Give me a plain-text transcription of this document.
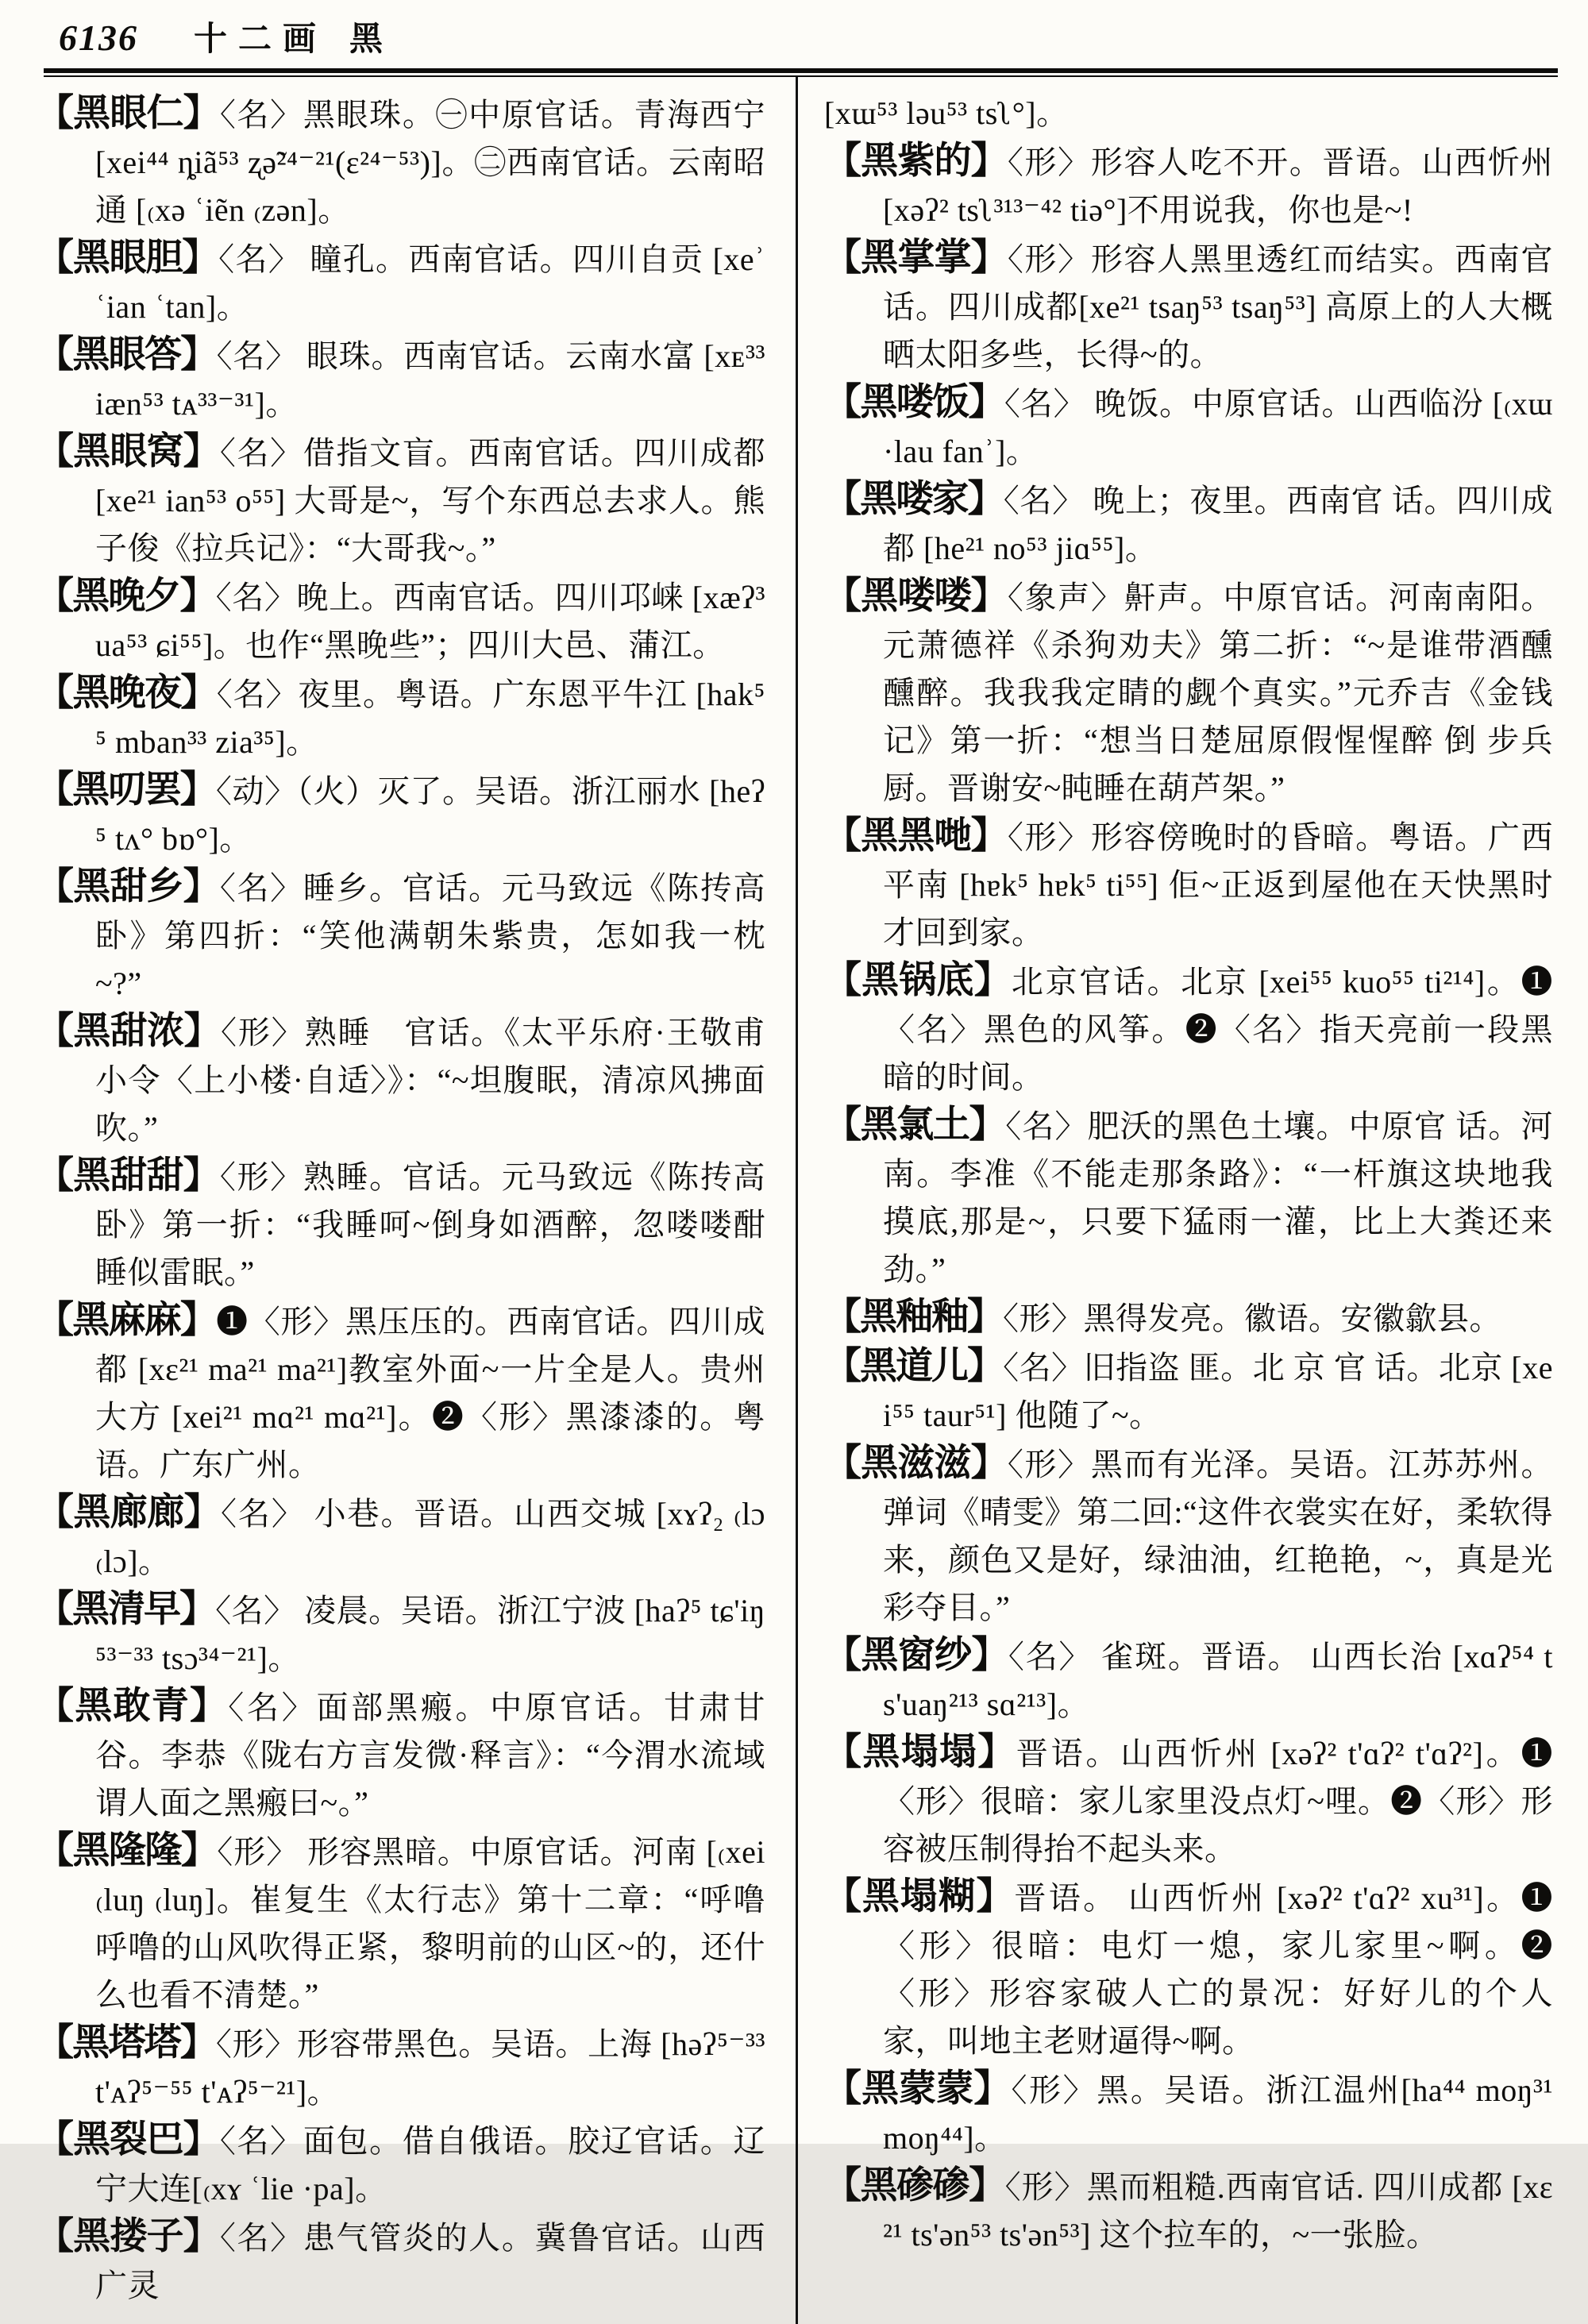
6136 十二画 黑

【黑眼仁】〈名〉黑眼珠。㊀中原官话。青海西宁[xei⁴⁴ ȵiã⁵³ ʐə̃²⁴⁻²¹(ɛ²⁴⁻⁵³)]。㊁西南官话。云南昭通 [₍xə ʿiẽn ₍zən]。

【黑眼胆】〈名〉 瞳孔。西南官话。四川自贡 [xeʾ ʿian ʿtan]。

【黑眼答】〈名〉 眼珠。西南官话。云南水富 [xᴇ³³ iæn⁵³ tᴀ³³⁻³¹]。

【黑眼窝】〈名〉借指文盲。西南官话。四川成都 [xe²¹ ian⁵³ o⁵⁵] 大哥是~，写个东西总去求人。熊子俊《拉兵记》：“大哥我~。”

【黑晚夕】〈名〉晚上。西南官话。四川邛崃 [xæʔ³ ua⁵³ ɕi⁵⁵]。也作“黑晚些”；四川大邑、蒲江。

【黑晚夜】〈名〉夜里。粤语。广东恩平牛江 [hak⁵⁵ mban³³ zia³⁵]。

【黑叨罢】〈动〉（火）灭了。吴语。浙江丽水 [heʔ⁵ tʌ° bɒ°]。

【黑甜乡】〈名〉睡乡。官话。元马致远《陈抟高卧》第四折：“笑他满朝朱紫贵，怎如我一枕~?”

【黑甜浓】〈形〉熟睡　官话。《太平乐府·王敬甫小令〈上小楼·自适〉》：“~坦腹眠，清凉风拂面吹。”

【黑甜甜】〈形〉熟睡。官话。元马致远《陈抟高卧》第一折：“我睡呵~倒身如酒醉，忽喽喽酣睡似雷眠。”

【黑麻麻】❶〈形〉黑压压的。西南官话。四川成都 [xɛ²¹ ma²¹ ma²¹]教室外面~一片全是人。贵州大方 [xei²¹ mɑ²¹ mɑ²¹]。❷〈形〉黑漆漆的。粤语。广东广州。

【黑廊廊】〈名〉 小巷。晋语。山西交城 [xɤʔ₂ ₍lɔ ₍lɔ]。

【黑清早】〈名〉 凌晨。吴语。浙江宁波 [haʔ⁵ tɕ'iŋ⁵³⁻³³ tsɔ³⁴⁻²¹]。

【黑敢青】〈名〉面部黑瘢。中原官话。甘肃甘谷。李恭《陇右方言发微·释言》：“今渭水流域谓人面之黑瘢曰~。”

【黑隆隆】〈形〉 形容黑暗。中原官话。河南 [₍xei ₍luŋ ₍luŋ]。崔复生《太行志》第十二章：“呼噜呼噜的山风吹得正紧，黎明前的山区~的，还什么也看不清楚。”

【黑塔塔】〈形〉形容带黑色。吴语。上海 [həʔ⁵⁻³³ t'ᴀʔ⁵⁻⁵⁵ t'ᴀʔ⁵⁻²¹]。

【黑裂巴】〈名〉面包。借自俄语。胶辽官话。辽宁大连[₍xɤ ʿlie ·pa]。

【黑搂子】〈名〉患气管炎的人。冀鲁官话。山西广灵

[xɯ⁵³ ləu⁵³ tsʅ°]。

【黑紫的】〈形〉形容人吃不开。晋语。山西忻州[xəʔ² tsʅ³¹³⁻⁴² tiə°]不用说我，你也是~!

【黑掌掌】〈形〉形容人黑里透红而结实。西南官话。四川成都[xe²¹ tsaŋ⁵³ tsaŋ⁵³] 高原上的人大概晒太阳多些，长得~的。

【黑喽饭】〈名〉 晚饭。中原官话。山西临汾 [₍xɯ ·lau fanʾ]。

【黑喽家】〈名〉 晚上；夜里。西南官 话。四川成都 [he²¹ no⁵³ jiɑ⁵⁵]。

【黑喽喽】〈象声〉鼾声。中原官话。河南南阳。元萧德祥《杀狗劝夫》第二折：“~是谁带酒醺醺醉。我我我定睛的觑个真实。”元乔吉《金钱记》第一折：“想当日楚屈原假惺惺醉 倒 步兵 厨。晋谢安~盹睡在葫芦架。”

【黑黑哋】〈形〉形容傍晚时的昏暗。粤语。广西平南 [hɐk⁵ hɐk⁵ ti⁵⁵] 佢~正返到屋他在天快黑时才回到家。

【黑锅底】北京官话。北京 [xei⁵⁵ kuo⁵⁵ ti²¹⁴]。❶〈名〉黑色的风筝。❷〈名〉指天亮前一段黑暗的时间。

【黑氯土】〈名〉肥沃的黑色土壤。中原官 话。河南。李准《不能走那条路》：“一杆旗这块地我摸底,那是~，只要下猛雨一灌，比上大粪还来劲。”

【黑釉釉】〈形〉黑得发亮。徽语。安徽歙县。

【黑道儿】〈名〉旧指盗 匪。北 京 官 话。北京 [xei⁵⁵ taur⁵¹] 他随了~。

【黑滋滋】〈形〉黑而有光泽。吴语。江苏苏州。弹词《晴雯》第二回:“这件衣裳实在好，柔软得来，颜色又是好，绿油油，红艳艳，~，真是光彩夺目。”

【黑窗纱】〈名〉 雀斑。晋语。 山西长治 [xɑʔ⁵⁴ ts'uaŋ²¹³ sɑ²¹³]。

【黑塌塌】晋语。山西忻州 [xəʔ² t'ɑʔ² t'ɑʔ²]。❶〈形〉很暗：家儿家里没点灯~哩。❷〈形〉形 容被压制得抬不起头来。

【黑塌糊】晋语。 山西忻州 [xəʔ² t'ɑʔ² xu³¹]。❶〈形〉很暗：电灯一熄，家儿家里~啊。❷〈形〉形容家破人亡的景况：好好儿的个人家，叫地主老财逼得~啊。

【黑蒙蒙】〈形〉黑。吴语。浙江温州[ha⁴⁴ moŋ³¹ moŋ⁴⁴]。

【黑碜碜】〈形〉黑而粗糙.西南官话. 四川成都 [xɛ²¹ ts'ən⁵³ ts'ən⁵³] 这个拉车的，~一张脸。
